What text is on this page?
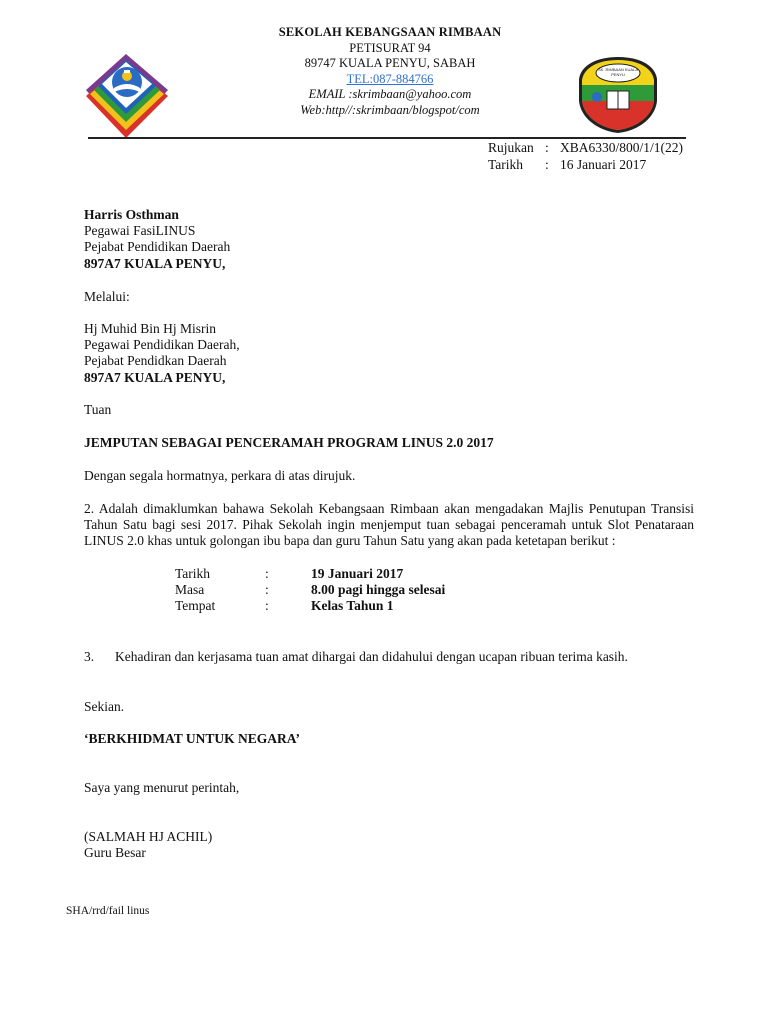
SEKOLAH KEBANGSAAN RIMBAAN
PETISURAT 94
89747 KUALA PENYU, SABAH
TEL:087-884766
EMAIL :skrimbaan@yahoo.com
Web:http//:skrimbaan/blogspot/com
SK. RIMBAAN KUALA PENYU
Rujukan : XBA6330/800/1/1(22)
Tarikh	: 16 Januari 2017
Harris Osthman
Pegawai FasiLINUS
Pejabat Pendidikan Daerah
897A7 KUALA PENYU,
Melalui:
Hj Muhid Bin Hj Misrin
Pegawai Pendidikan Daerah,
Pejabat Pendidkan Daerah
897A7 KUALA PENYU,
Tuan
JEMPUTAN SEBAGAI PENCERAMAH PROGRAM LINUS 2.0 2017
Dengan segala hormatnya, perkara di atas dirujuk.
2. Adalah dimaklumkan bahawa Sekolah Kebangsaan Rimbaan akan mengadakan Majlis Penutupan Transisi Tahun Satu bagi sesi 2017. Pihak Sekolah ingin menjemput tuan sebagai penceramah untuk Slot Penataraan LINUS 2.0 khas untuk golongan ibu bapa dan guru Tahun Satu yang akan pada ketetapan berikut :
Tarikh	:	19 Januari 2017
Masa	:	8.00 pagi hingga selesai
Tempat	:	Kelas Tahun 1
3. Kehadiran dan kerjasama tuan amat dihargai dan didahului dengan ucapan ribuan terima kasih.
Sekian.
‘BERKHIDMAT UNTUK NEGARA’
Saya yang menurut perintah,
(SALMAH HJ ACHIL)
Guru Besar
SHA/rrd/fail linus
